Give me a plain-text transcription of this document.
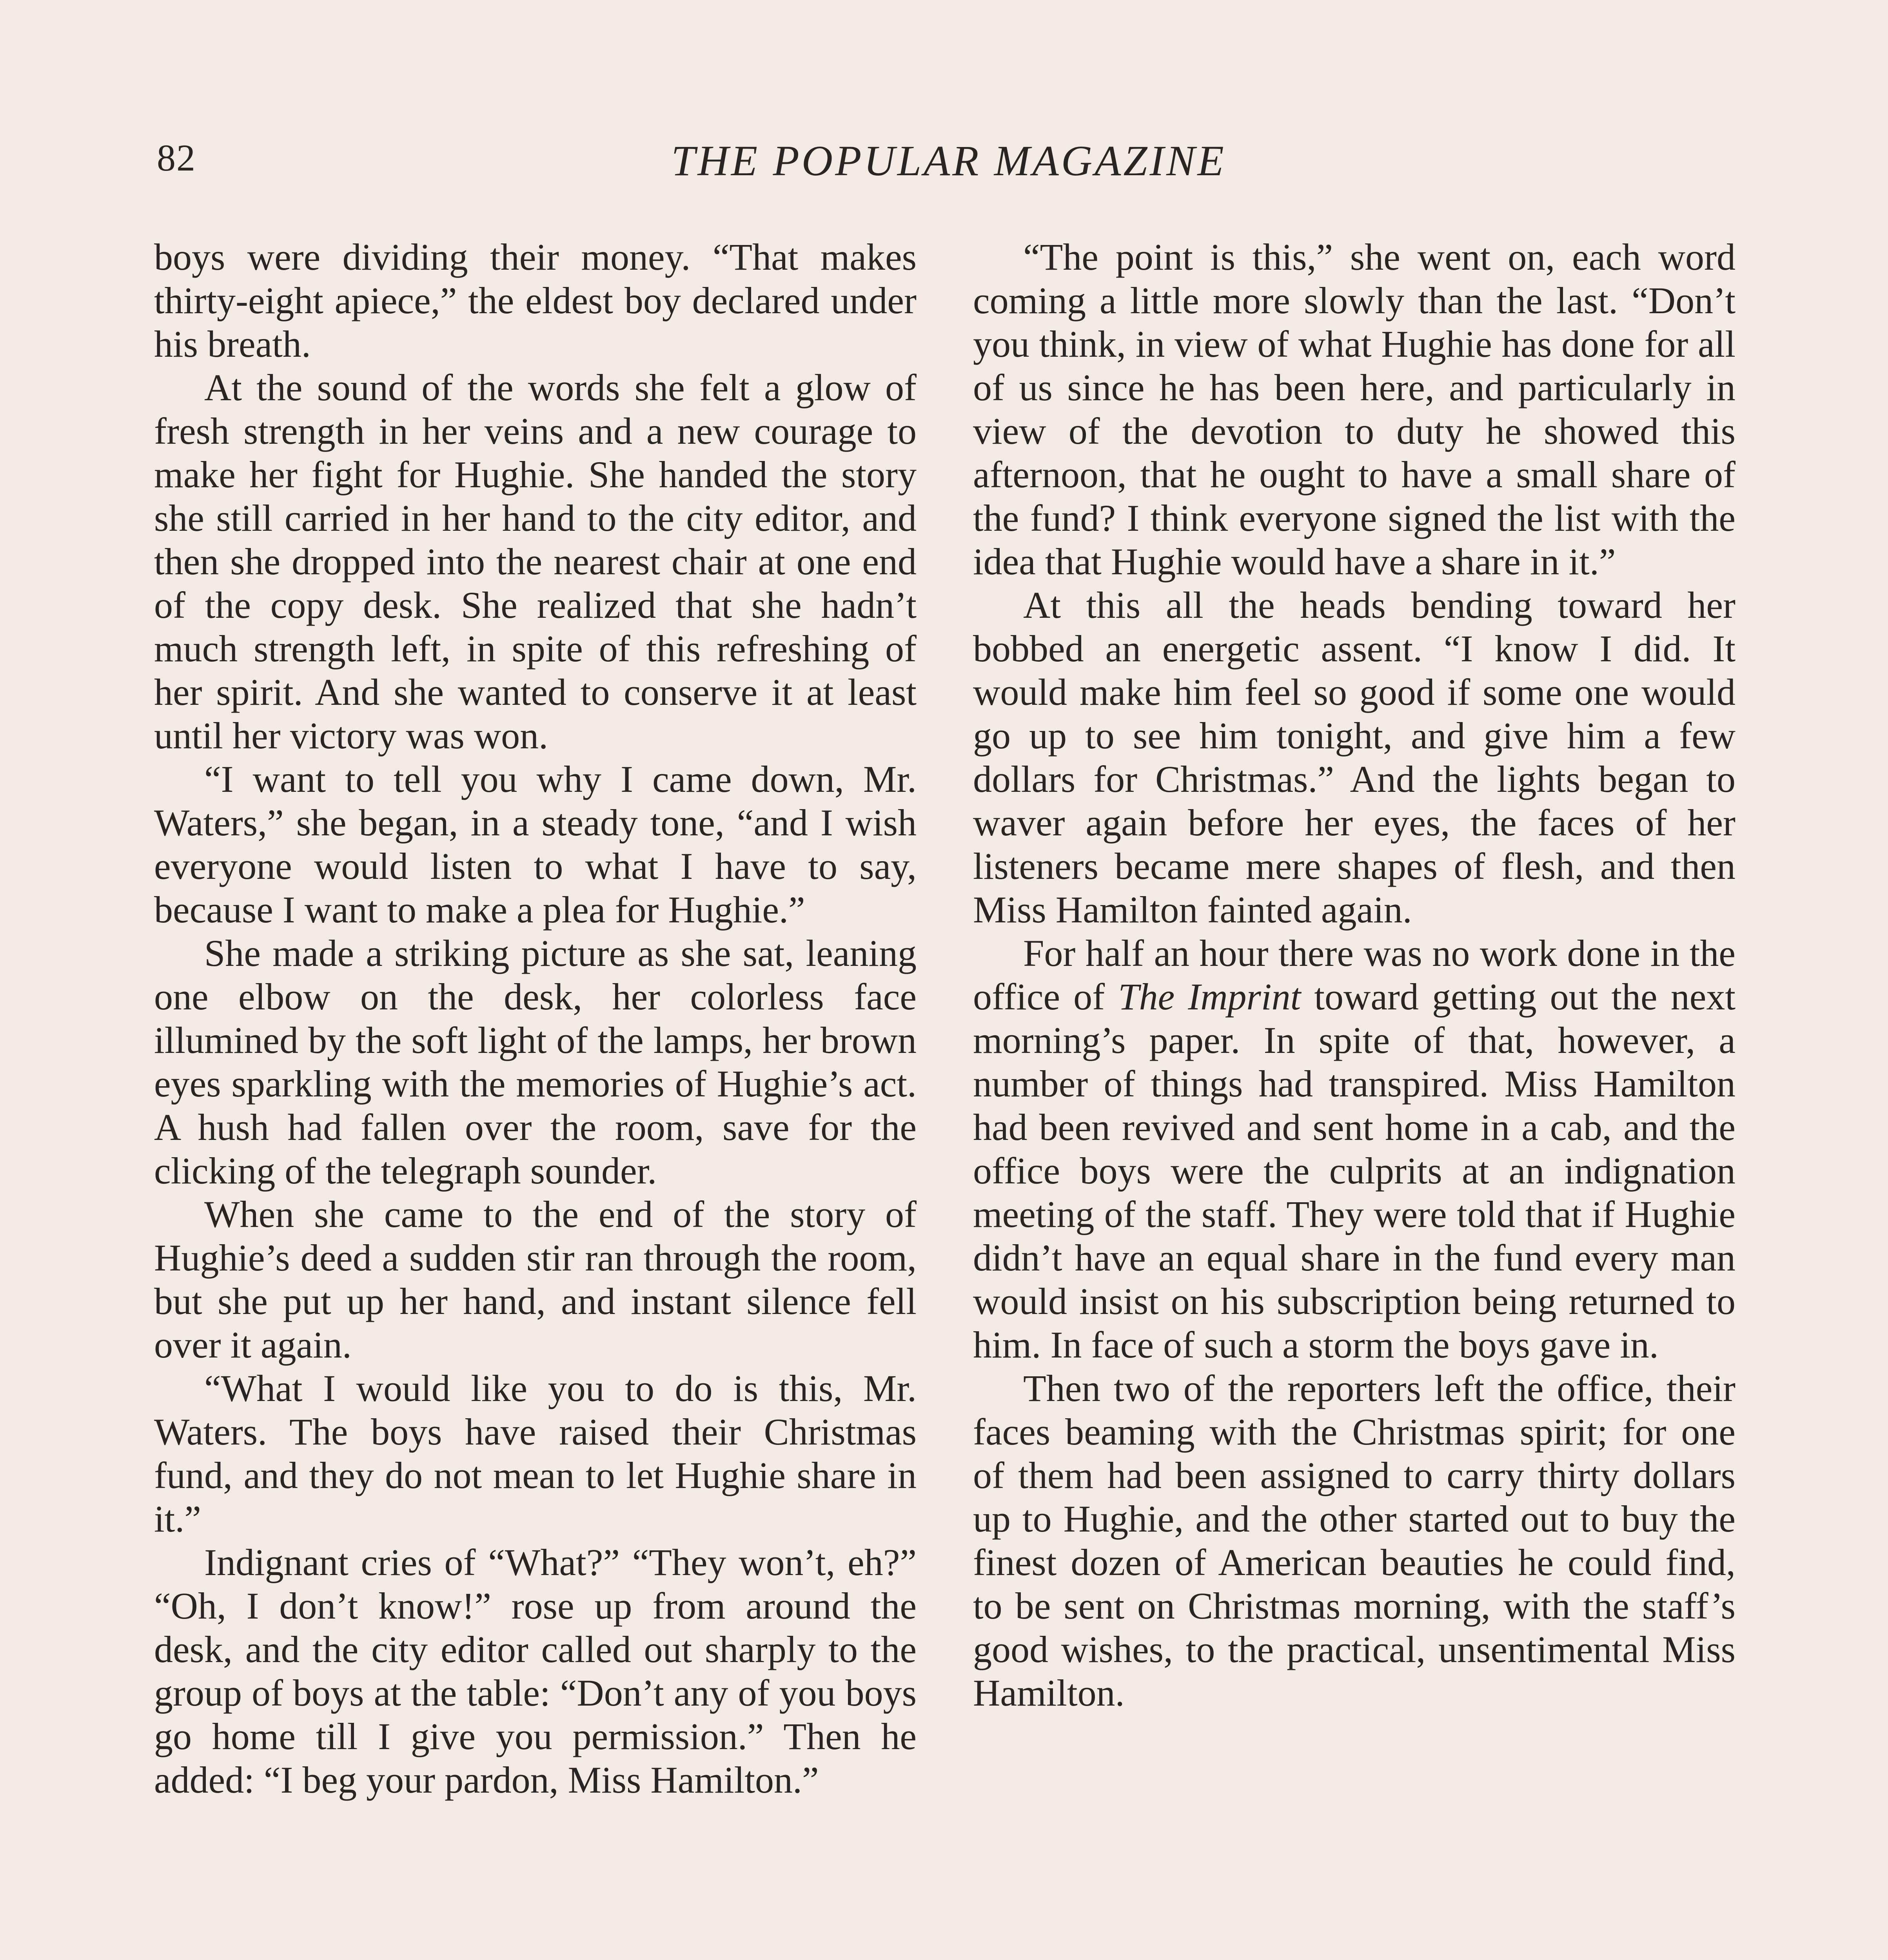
82	THE POPULAR MAGAZINE

boys were dividing their money. “That makes thirty-eight apiece,” the eldest boy declared under his breath.

At the sound of the words she felt a glow of fresh strength in her veins and a new courage to make her fight for Hughie. She handed the story she still carried in her hand to the city editor, and then she dropped into the nearest chair at one end of the copy desk. She realized that she hadn’t much strength left, in spite of this refreshing of her spirit. And she wanted to conserve it at least until her victory was won.

“I want to tell you why I came down, Mr. Waters,” she began, in a steady tone, “and I wish everyone would listen to what I have to say, because I want to make a plea for Hughie.”

She made a striking picture as she sat, leaning one elbow on the desk, her colorless face illumined by the soft light of the lamps, her brown eyes sparkling with the memories of Hughie’s act. A hush had fallen over the room, save for the clicking of the telegraph sounder.

When she came to the end of the story of Hughie’s deed a sudden stir ran through the room, but she put up her hand, and instant silence fell over it again.

“What I would like you to do is this, Mr. Waters. The boys have raised their Christmas fund, and they do not mean to let Hughie share in it.”

Indignant cries of “What?” “They won’t, eh?” “Oh, I don’t know!” rose up from around the desk, and the city editor called out sharply to the group of boys at the table: “Don’t any of you boys go home till I give you permission.” Then he added: “I beg your pardon, Miss Hamilton.”

“The point is this,” she went on, each word coming a little more slowly than the last. “Don’t you think, in view of what Hughie has done for all of us since he has been here, and particularly in view of the devotion to duty he showed this afternoon, that he ought to have a small share of the fund? I think everyone signed the list with the idea that Hughie would have a share in it.”

At this all the heads bending toward her bobbed an energetic assent. “I know I did. It would make him feel so good if some one would go up to see him tonight, and give him a few dollars for Christmas.” And the lights began to waver again before her eyes, the faces of her listeners became mere shapes of flesh, and then Miss Hamilton fainted again.

For half an hour there was no work done in the office of The Imprint toward getting out the next morning’s paper. In spite of that, however, a number of things had transpired. Miss Hamilton had been revived and sent home in a cab, and the office boys were the culprits at an indignation meeting of the staff. They were told that if Hughie didn’t have an equal share in the fund every man would insist on his subscription being returned to him. In face of such a storm the boys gave in.

Then two of the reporters left the office, their faces beaming with the Christmas spirit; for one of them had been assigned to carry thirty dollars up to Hughie, and the other started out to buy the finest dozen of American beauties he could find, to be sent on Christmas morning, with the staff’s good wishes, to the practical, unsentimental Miss Hamilton.
